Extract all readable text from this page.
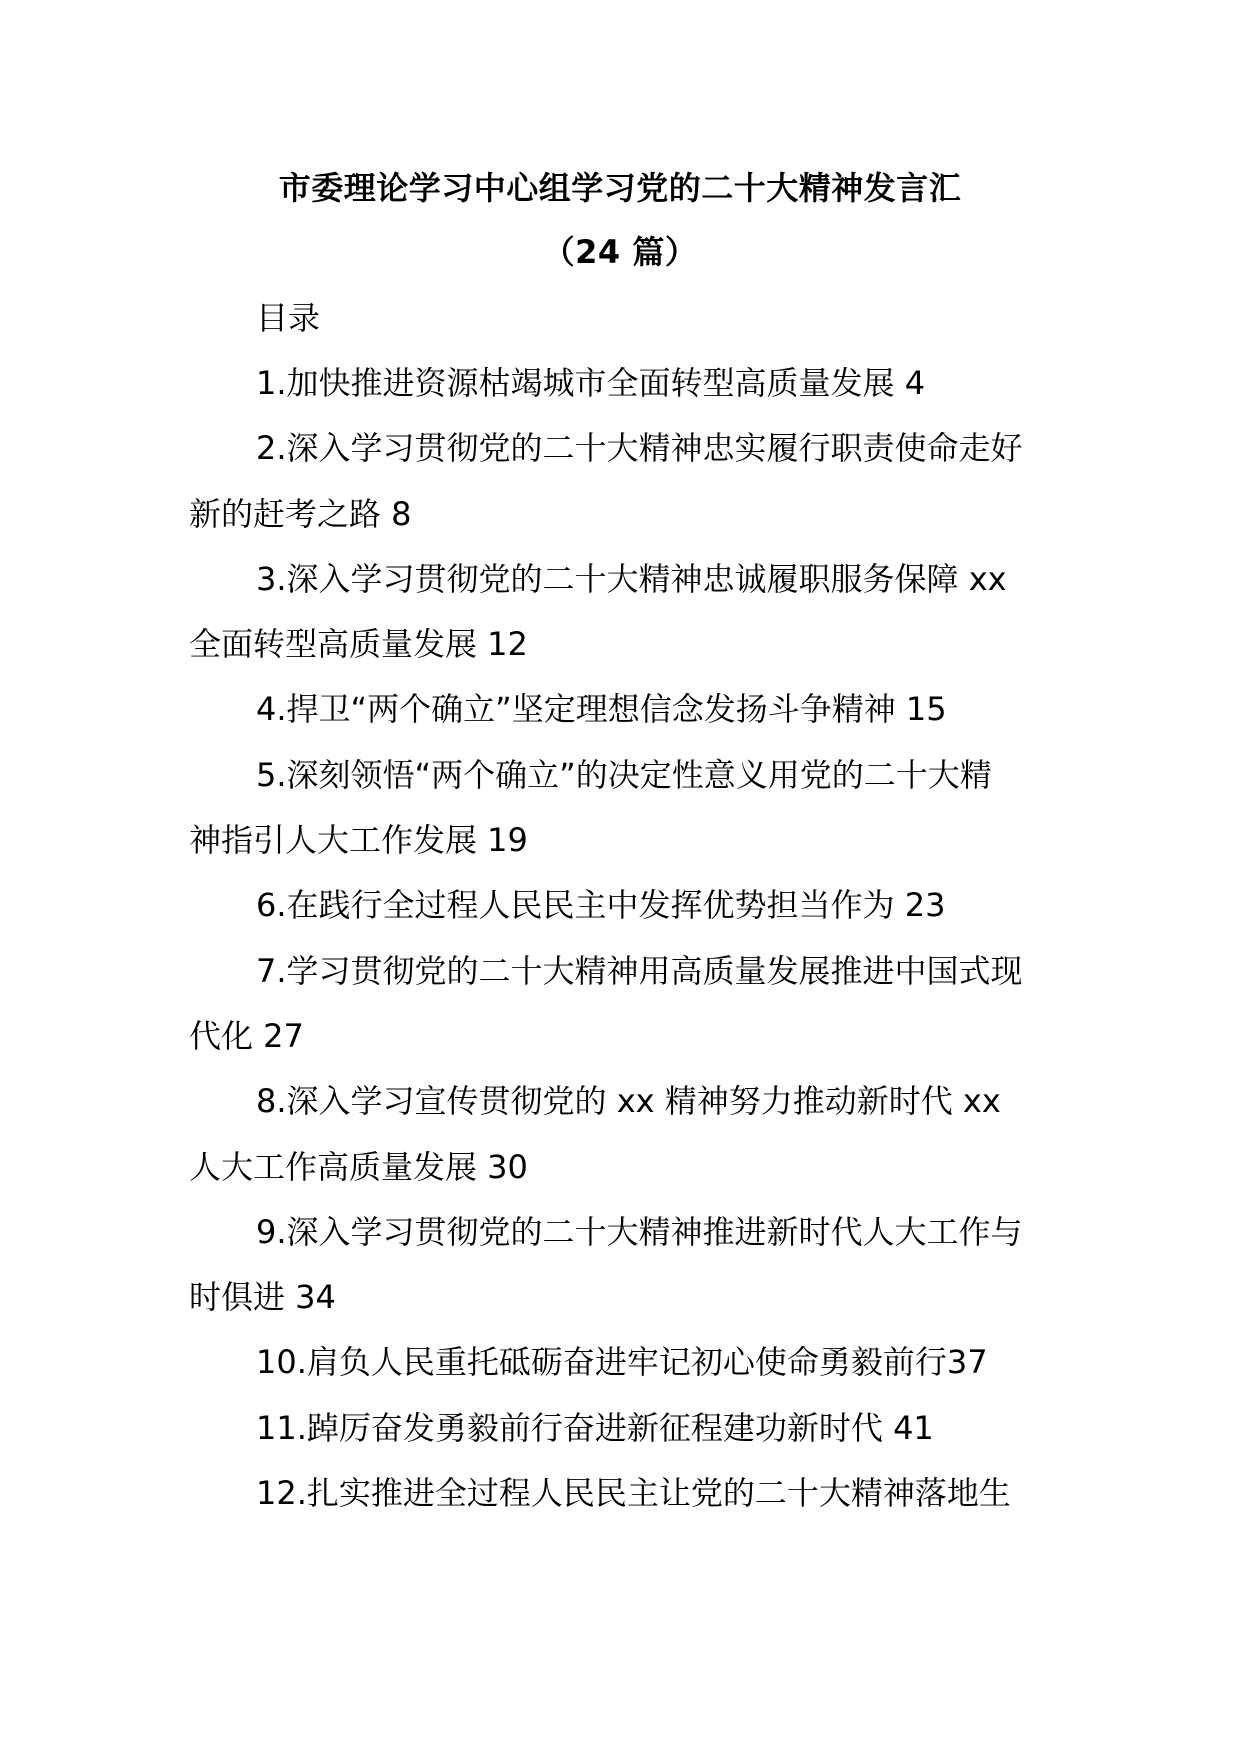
市委理论学习中心组学习党的二十大精神发言汇
（24 篇）
目录
1.加快推进资源枯竭城市全面转型高质量发展 4
2.深入学习贯彻党的二十大精神忠实履行职责使命走好
新的赶考之路 8
3.深入学习贯彻党的二十大精神忠诚履职服务保障 xx
全面转型高质量发展 12
4.捍卫“两个确立”坚定理想信念发扬斗争精神 15
5.深刻领悟“两个确立”的决定性意义用党的二十大精
神指引人大工作发展 19
6.在践行全过程人民民主中发挥优势担当作为 23
7.学习贯彻党的二十大精神用高质量发展推进中国式现
代化 27
8.深入学习宣传贯彻党的 xx 精神努力推动新时代 xx
人大工作高质量发展 30
9.深入学习贯彻党的二十大精神推进新时代人大工作与
时俱进 34
10.肩负人民重托砥砺奋进牢记初心使命勇毅前行37
11.踔厉奋发勇毅前行奋进新征程建功新时代 41
12.扎实推进全过程人民民主让党的二十大精神落地生
